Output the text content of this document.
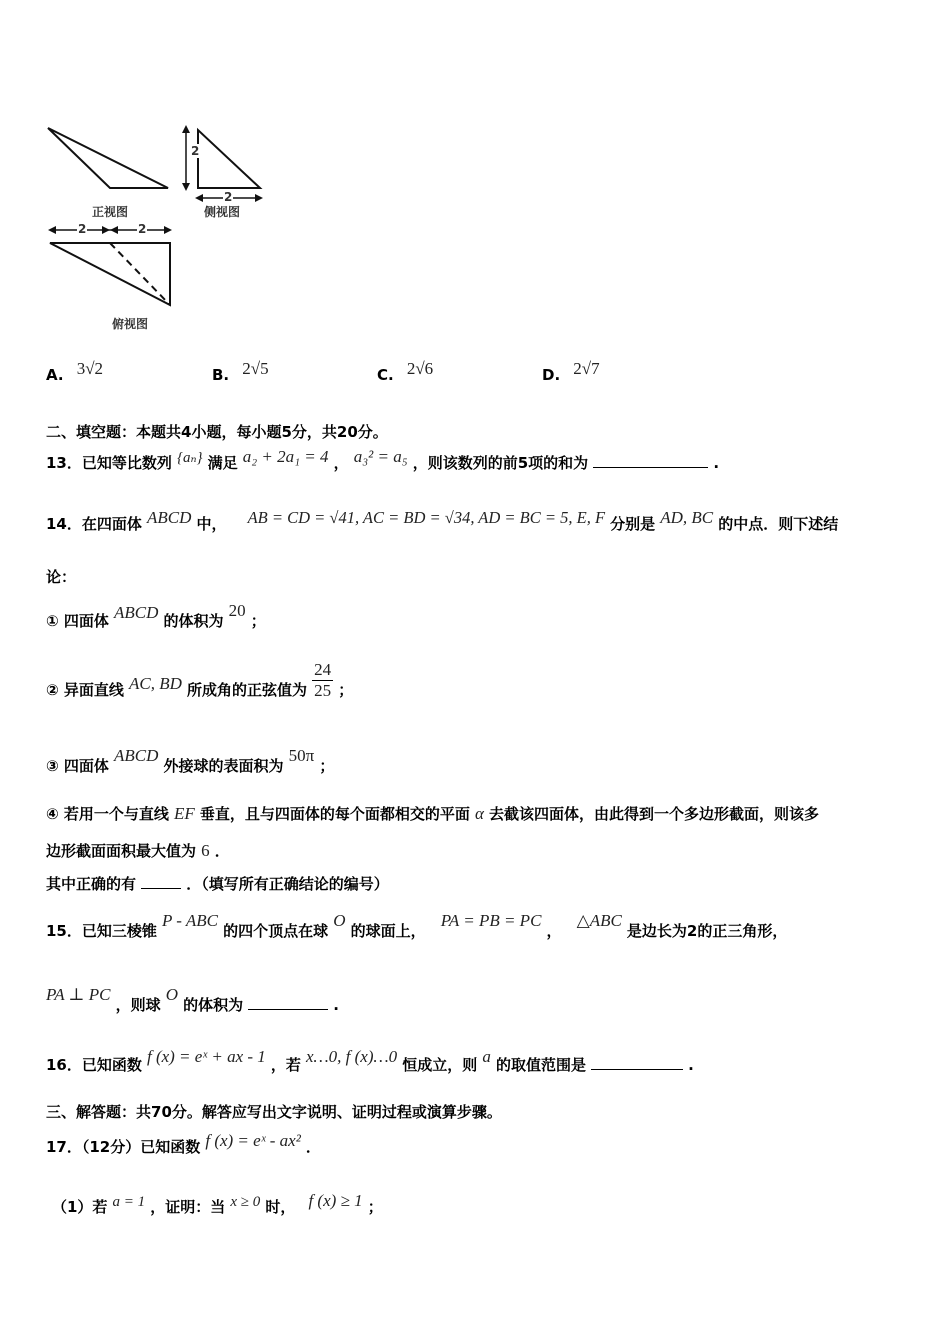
2
2
2	2
正视图	侧视图
俯视图
A. 3√2	B. 2√5	C. 2√6	D. 2√7
二、填空题：本题共4小题，每小题5分，共20分。
13．已知等比数列 {aₙ} 满足 a₂ + 2a₁ = 4 ， a₃² = a₅ ，则该数列的前5项的和为	.
14．在四面体 ABCD 中， AB = CD = √41, AC = BD = √34, AD = BC = 5, E, F 分别是 AD, BC 的中点．则下述结
论：
① 四面体 ABCD 的体积为 20 ；
② 异面直线 AC, BD 所成角的正弦值为 $\frac{24}{25}$ ；
③ 四面体 ABCD 外接球的表面积为 50π ；
④ 若用一个与直线 EF 垂直，且与四面体的每个面都相交的平面 α 去截该四面体，由此得到一个多边形截面，则该多
边形截面面积最大值为 6 ．
其中正确的有	．（填写所有正确结论的编号）
15．已知三棱锥 P - ABC 的四个顶点在球 O 的球面上， PA = PB = PC ， △ABC 是边长为2的正三角形，
PA ⊥ PC ，则球 O 的体积为	.
16．已知函数 f (x) = eˣ + ax - 1 ，若 x…0, f (x)…0 恒成立，则 a 的取值范围是	.
三、解答题：共70分。解答应写出文字说明、证明过程或演算步骤。
17．（12分）已知函数 f (x) = eˣ - ax² ．
（1）若 a = 1 ，证明：当 x ≥ 0 时， f (x) ≥ 1 ；
